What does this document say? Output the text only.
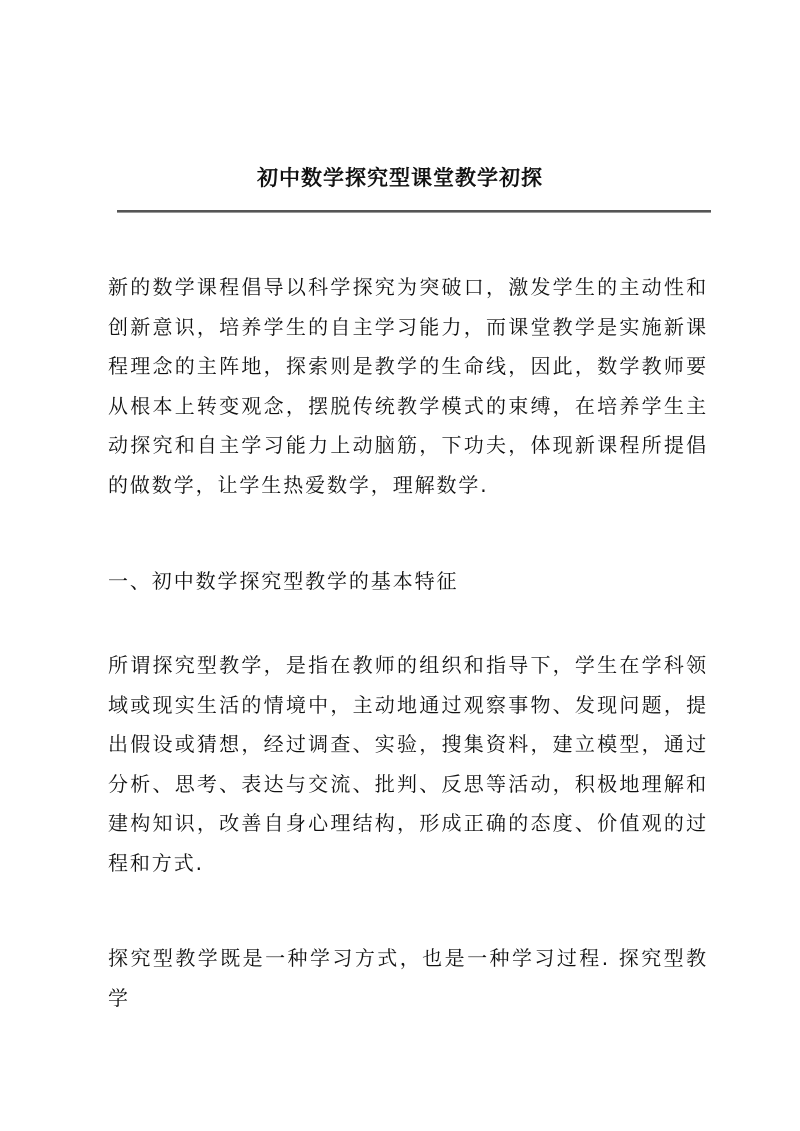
初中数学探究型课堂教学初探

新的数学课程倡导以科学探究为突破口，激发学生的主动性和创新意识，培养学生的自主学习能力，而课堂教学是实施新课程理念的主阵地，探索则是教学的生命线，因此，数学教师要从根本上转变观念，摆脱传统教学模式的束缚，在培养学生主动探究和自主学习能力上动脑筋，下功夫，体现新课程所提倡的做数学，让学生热爱数学，理解数学.

一、初中数学探究型教学的基本特征

所谓探究型教学，是指在教师的组织和指导下，学生在学科领域或现实生活的情境中，主动地通过观察事物、发现问题，提出假设或猜想，经过调查、实验，搜集资料，建立模型，通过分析、思考、表达与交流、批判、反思等活动，积极地理解和建构知识，改善自身心理结构，形成正确的态度、价值观的过程和方式.

探究型教学既是一种学习方式，也是一种学习过程. 探究型教学
